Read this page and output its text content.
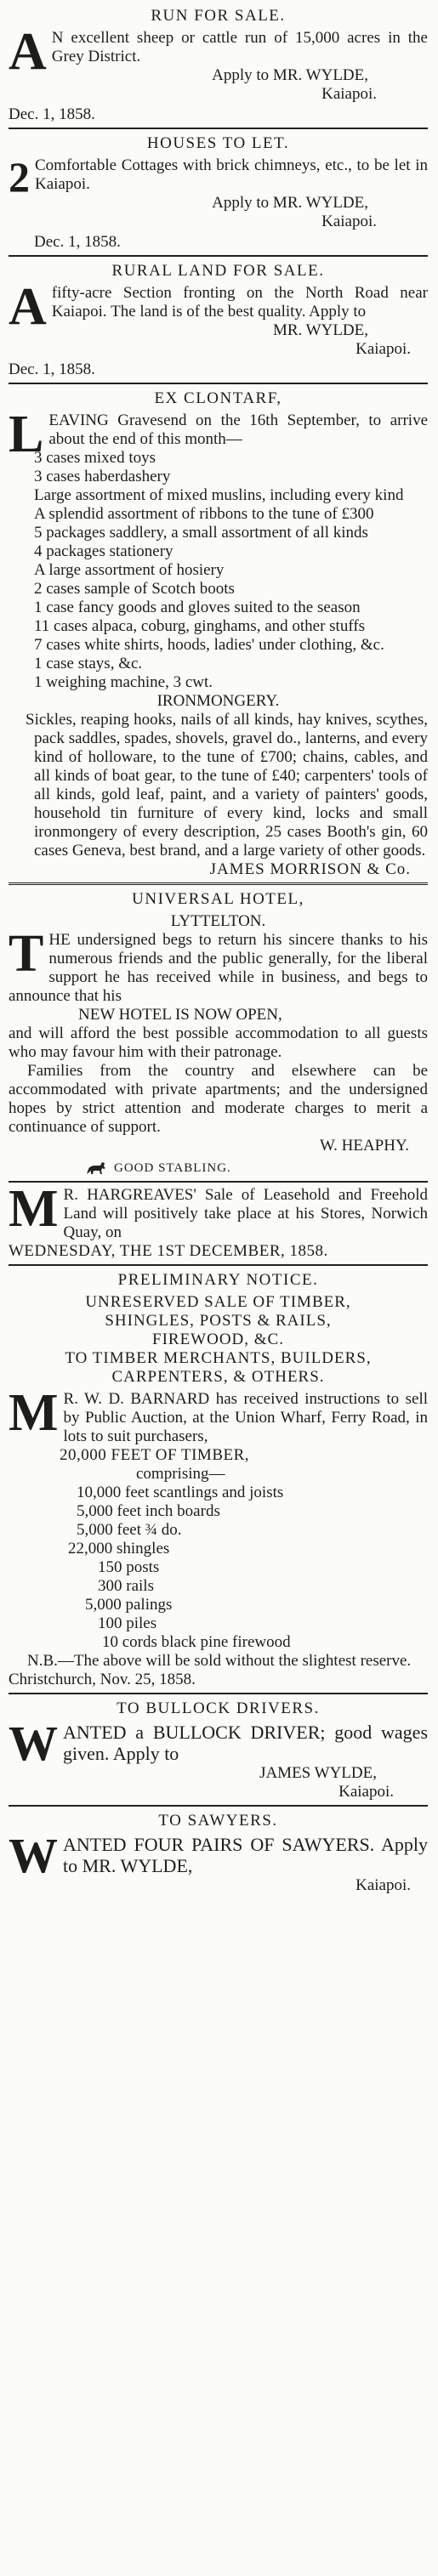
RUN FOR SALE.

A N excellent sheep or cattle run of 15,000 acres in the Grey District.

Apply to MR. WYLDE,
Kaiapoi.
Dec. 1, 1858.
HOUSES TO LET.

2 Comfortable Cottages with brick chimneys, etc., to be let in Kaiapoi.

Apply to MR. WYLDE,
Kaiapoi.
Dec. 1, 1858.
RURAL LAND FOR SALE.

A fifty-acre Section fronting on the North Road near Kaiapoi. The land is of the best quality. Apply to

MR. WYLDE,
Kaiapoi.
Dec. 1, 1858.
EX CLONTARF,

L EAVING Gravesend on the 16th September, to arrive about the end of this month—

3 cases mixed toys

3 cases haberdashery

Large assortment of mixed muslins, including every kind

A splendid assortment of ribbons to the tune of £300

5 packages saddlery, a small assortment of all kinds

4 packages stationery

A large assortment of hosiery

2 cases sample of Scotch boots

1 case fancy goods and gloves suited to the season

11 cases alpaca, coburg, ginghams, and other stuffs

7 cases white shirts, hoods, ladies' under clothing, &c.

1 case stays, &c.

1 weighing machine, 3 cwt.

IRONMONGERY.

Sickles, reaping hooks, nails of all kinds, hay knives, scythes, pack saddles, spades, shovels, gravel do., lanterns, and every kind of holloware, to the tune of £700; chains, cables, and all kinds of boat gear, to the tune of £40; carpenters' tools of all kinds, gold leaf, paint, and a variety of painters' goods, household tin furniture of every kind, locks and small ironmongery of every description, 25 cases Booth's gin, 60 cases Geneva, best brand, and a large variety of other goods.

JAMES MORRISON & Co.
UNIVERSAL HOTEL,
LYTTELTON.

T HE undersigned begs to return his sincere thanks to his numerous friends and the public generally, for the liberal support he has received while in business, and begs to announce that his

NEW HOTEL IS NOW OPEN,

and will afford the best possible accommodation to all guests who may favour him with their patronage.

Families from the country and elsewhere can be accommodated with private apartments; and the undersigned hopes by strict attention and moderate charges to merit a continuance of support.

W. HEAPHY.
GOOD STABLING.

M R. HARGREAVES' Sale of Leasehold and Freehold Land will positively take place at his Stores, Norwich Quay, on

WEDNESDAY, THE 1ST DECEMBER, 1858.
PRELIMINARY NOTICE.
UNRESERVED SALE OF TIMBER,
SHINGLES, POSTS & RAILS,
FIREWOOD, &C.
TO TIMBER MERCHANTS, BUILDERS,
CARPENTERS, & OTHERS.

M R. W. D. BARNARD has received instructions to sell by Public Auction, at the Union Wharf, Ferry Road, in lots to suit purchasers,

20,000 FEET OF TIMBER,
comprising—

10,000 feet scantlings and joists

5,000 feet inch boards

5,000 feet ¾ do.

22,000 shingles

150 posts

300 rails

5,000 palings

100 piles

10 cords black pine firewood

N.B.—The above will be sold without the slightest reserve.

Christchurch, Nov. 25, 1858.
TO BULLOCK DRIVERS.

W ANTED a BULLOCK DRIVER; good wages given. Apply to

JAMES WYLDE,
Kaiapoi.
TO SAWYERS.

W ANTED FOUR PAIRS OF SAWYERS. Apply to MR. WYLDE,

Kaiapoi.
